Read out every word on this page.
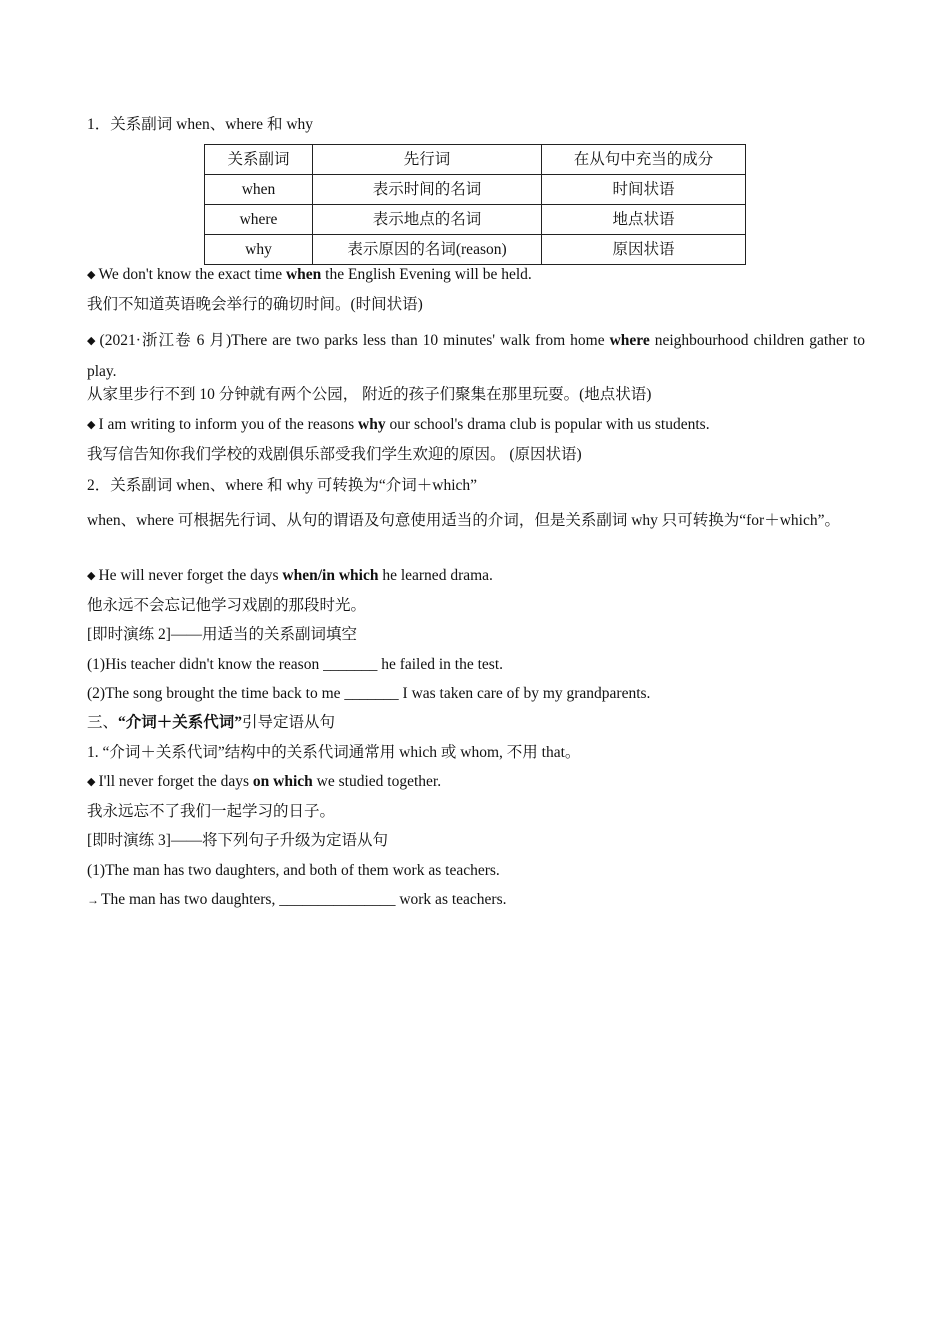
1．关系副词 when、where 和 why
关系副词	先行词	在从句中充当的成分
when	表示时间的名词	时间状语
where	表示地点的名词	地点状语
why	表示原因的名词(reason)	原因状语
◆ We don't know the exact time when the English Evening will be held.
我们不知道英语晚会举行的确切时间。(时间状语)
◆ (2021·浙江卷 6 月)There are two parks less than 10 minutes' walk from home where neighbourhood children gather to play.
从家里步行不到 10 分钟就有两个公园， 附近的孩子们聚集在那里玩耍。(地点状语)
◆ I am writing to inform you of the reasons why our school's drama club is popular with us students.
我写信告知你我们学校的戏剧俱乐部受我们学生欢迎的原因。 (原因状语)
2．关系副词 when、where 和 why 可转换为“介词＋which”
when、where 可根据先行词、从句的谓语及句意使用适当的介词，但是关系副词 why 只可转换为“for＋which”。
◆ He will never forget the days when/in which he learned drama.
他永远不会忘记他学习戏剧的那段时光。
[即时演练 2]——用适当的关系副词填空
(1)His teacher didn't know the reason _______ he failed in the test.
(2)The song brought the time back to me _______ I was taken care of by my grandparents.
三、“介词＋关系代词”引导定语从句
1. “介词＋关系代词”结构中的关系代词通常用 which 或 whom, 不用 that。
◆ I'll never forget the days on which we studied together.
我永远忘不了我们一起学习的日子。
[即时演练 3]——将下列句子升级为定语从句
(1)The man has two daughters, and both of them work as teachers.
→ The man has two daughters, _______________ work as teachers.
